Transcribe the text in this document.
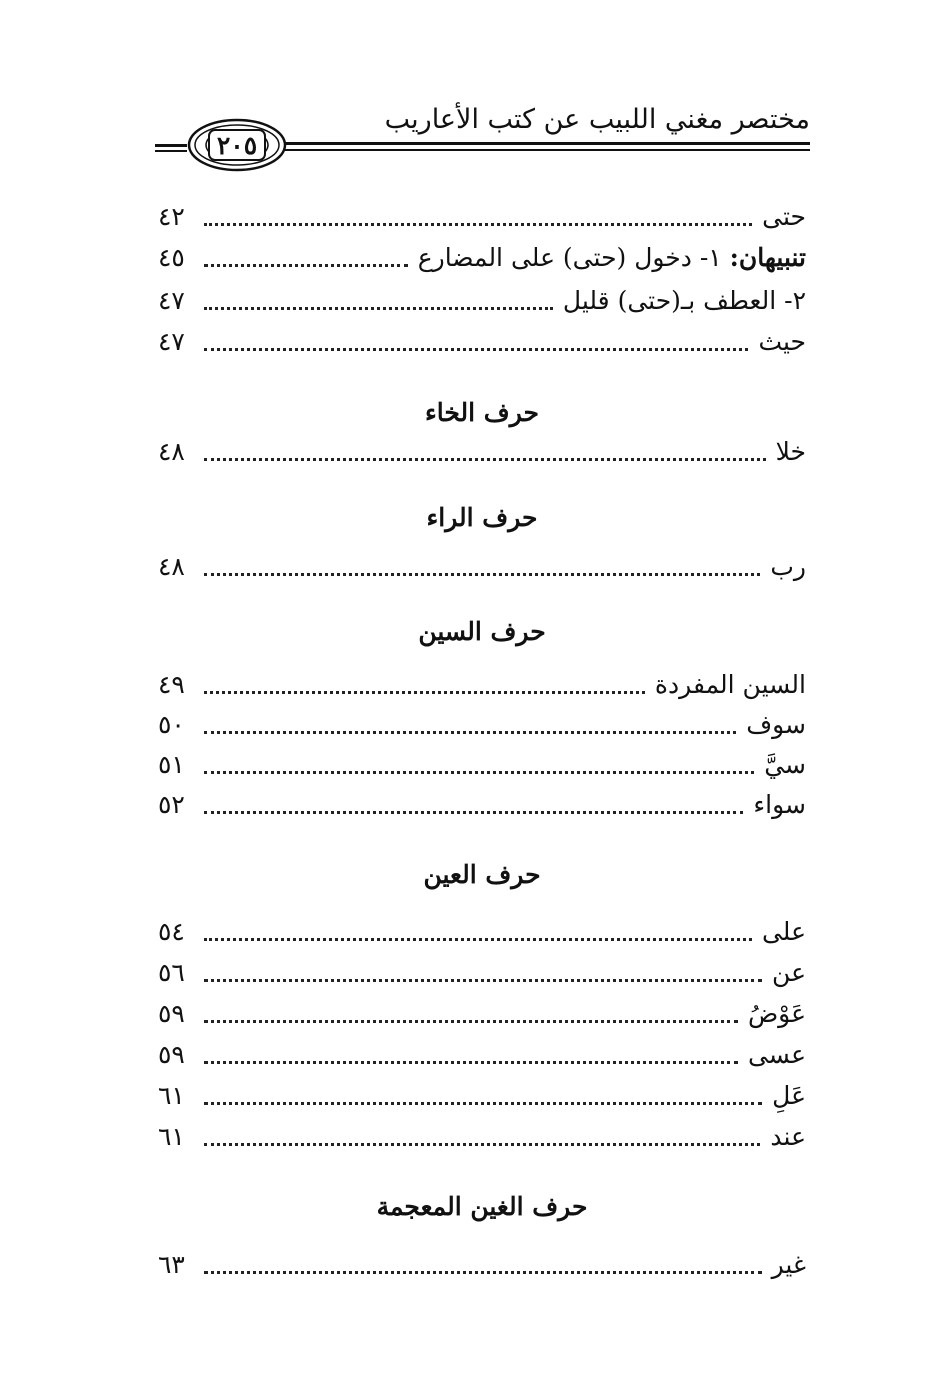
مختصر مغني اللبيب عن كتب الأعاريب
٢٠٥
حتى
٤٢
تنبيهان: ١- دخول (حتى) على المضارع
٤٥
٢- العطف بـ(حتى) قليل
٤٧
حيث
٤٧
حرف الخاء
خلا
٤٨
حرف الراء
رب
٤٨
حرف السين
السين المفردة
٤٩
سوف
٥٠
سيَّ
٥١
سواء
٥٢
حرف العين
على
٥٤
عن
٥٦
عَوْضُ
٥٩
عسى
٥٩
عَلِ
٦١
عند
٦١
حرف الغين المعجمة
غير
٦٣
